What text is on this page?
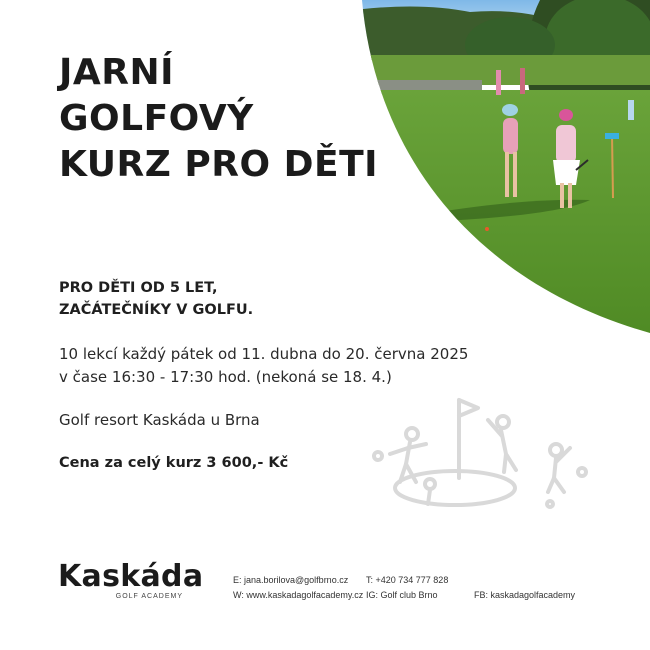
JARNÍ
GOLFOVÝ
KURZ PRO DĚTI

PRO DĚTI OD 5 LET,
ZAČÁTEČNÍKY V GOLFU.

10 lekcí každý pátek od 11. dubna do 20. června 2025
v čase 16:30 - 17:30 hod. (nekoná se 18. 4.)

Golf resort Kaskáda u Brna

Cena za celý kurz 3 600,- Kč

Kaskáda
GOLF ACADEMY
E: jana.borilova@golfbrno.cz
W: www.kaskadagolfacademy.cz
T: +420 734 777 828
IG: Golf club Brno	FB: kaskadagolfacademy
